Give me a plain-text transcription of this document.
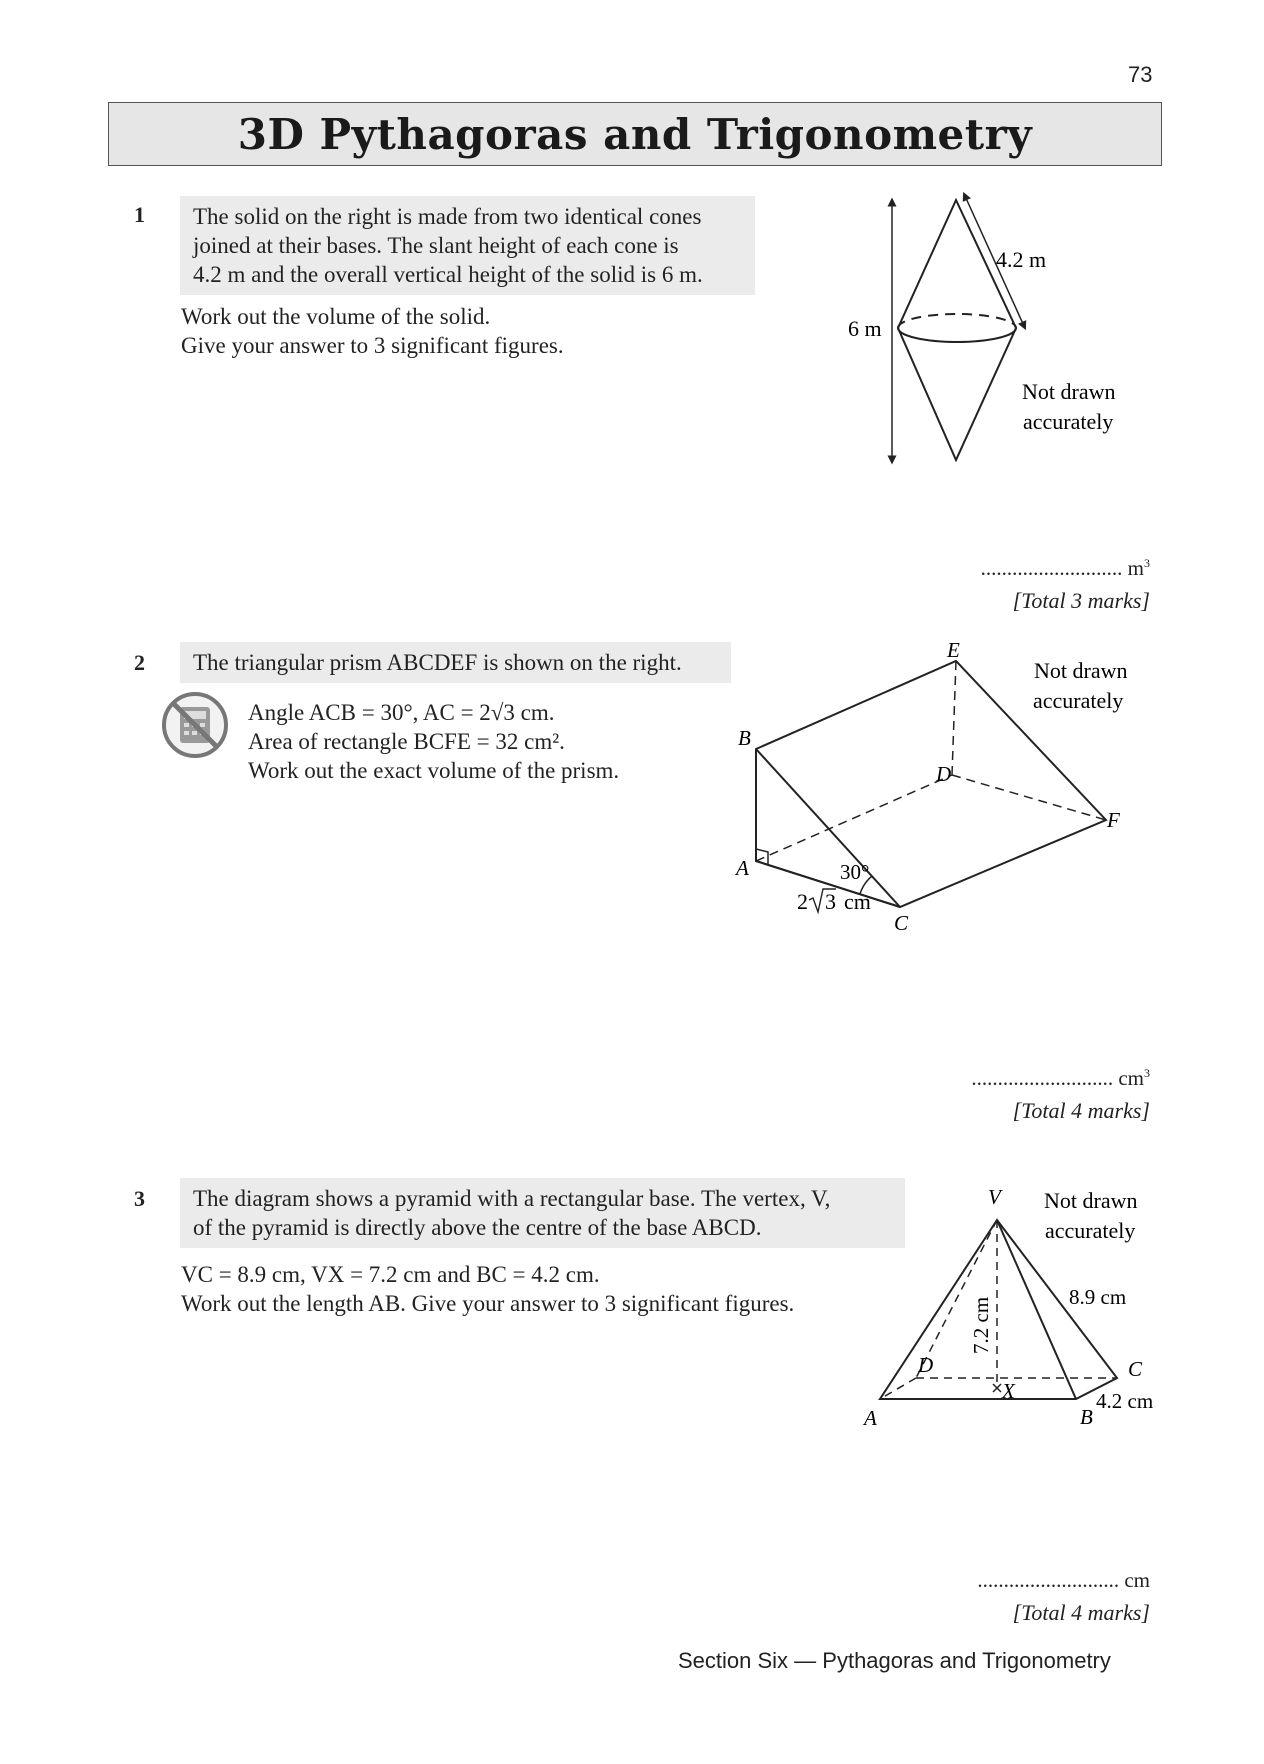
73
3D Pythagoras and Trigonometry
1 The solid on the right is made from two identical cones
joined at their bases. The slant height of each cone is
4.2 m and the overall vertical height of the solid is 6 m.
Work out the volume of the solid.
Give your answer to 3 significant figures.
4.2 m
6 m
Not drawn
accurately
........................... $m^3$
[Total 3 marks]
2	The triangular prism ABCDEF is shown on the right.
Angle ACB = 30°, AC = 2√3 cm.
Area of rectangle BCFE = 32 cm².
Work out the exact volume of the prism.
A
B
C
D
E
F
30°
2 3 cm
Not drawn
accurately
........................... $cm^3$
[Total 4 marks]
3 The diagram shows a pyramid with a rectangular base. The vertex, V,
of the pyramid is directly above the centre of the base ABCD.
VC = 8.9 cm, VX = 7.2 cm and BC = 4.2 cm.
Work out the length AB. Give your answer to 3 significant figures.
V
A	B
C
D
X
8.9 cm
4.2 cm
7.2 cm
Not drawn
accurately
........................... cm
[Total 4 marks]
Section Six — Pythagoras and Trigonometry
